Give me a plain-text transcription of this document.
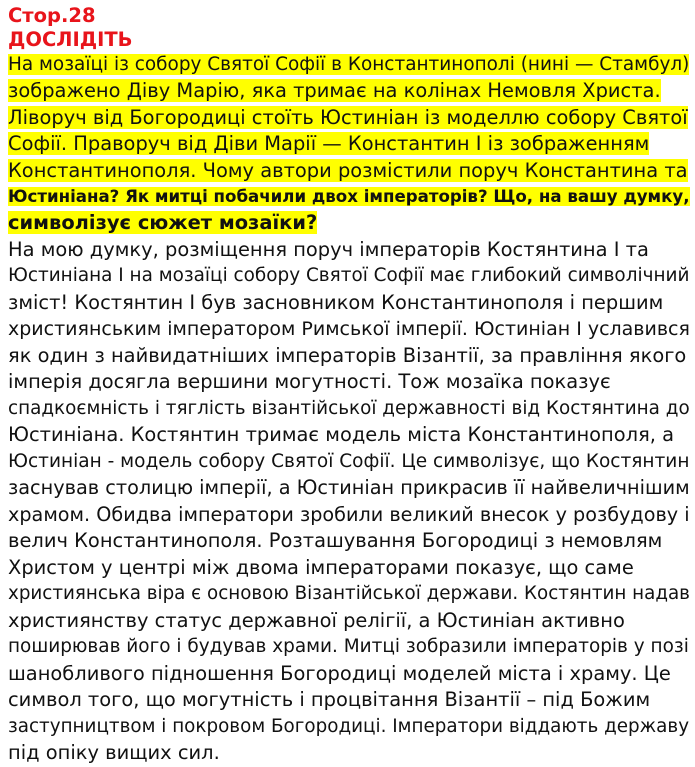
Стор.28
ДОСЛІДІТЬ
На мозаїці із собору Святої Софії в Константинополі (нині — Стамбул)
зображено Діву Марію, яка тримає на колінах Немовля Христа.
Ліворуч від Богородиці стоїть Юстиніан із моделлю собору Святої
Софії. Праворуч від Діви Марії — Константин I із зображенням
Константинополя. Чому автори розмістили поруч Константина та
Юстиніана? Як митці побачили двох імператорів? Що, на вашу думку,
символізує сюжет мозаїки?
На мою думку, розміщення поруч імператорів Костянтина I та
Юстиніана I на мозаїці собору Святої Софії має глибокий символічний
зміст! Костянтин I був засновником Константинополя і першим
християнським імператором Римської імперії. Юстиніан I уславився
як один з найвидатніших імператорів Візантії, за правління якого
імперія досягла вершини могутності. Тож мозаїка показує
спадкоємність і тяглість візантійської державності від Костянтина до
Юстиніана. Костянтин тримає модель міста Константинополя, а
Юстиніан - модель собору Святої Софії. Це символізує, що Костянтин
заснував столицю імперії, а Юстиніан прикрасив її найвеличнішим
храмом. Обидва імператори зробили великий внесок у розбудову і
велич Константинополя. Розташування Богородиці з немовлям
Христом у центрі між двома імператорами показує, що саме
християнська віра є основою Візантійської держави. Костянтин надав
християнству статус державної релігії, а Юстиніан активно
поширював його і будував храми. Митці зобразили імператорів у позі
шанобливого підношення Богородиці моделей міста і храму. Це
символ того, що могутність і процвітання Візантії – під Божим
заступництвом і покровом Богородиці. Імператори віддають державу
під опіку вищих сил.
